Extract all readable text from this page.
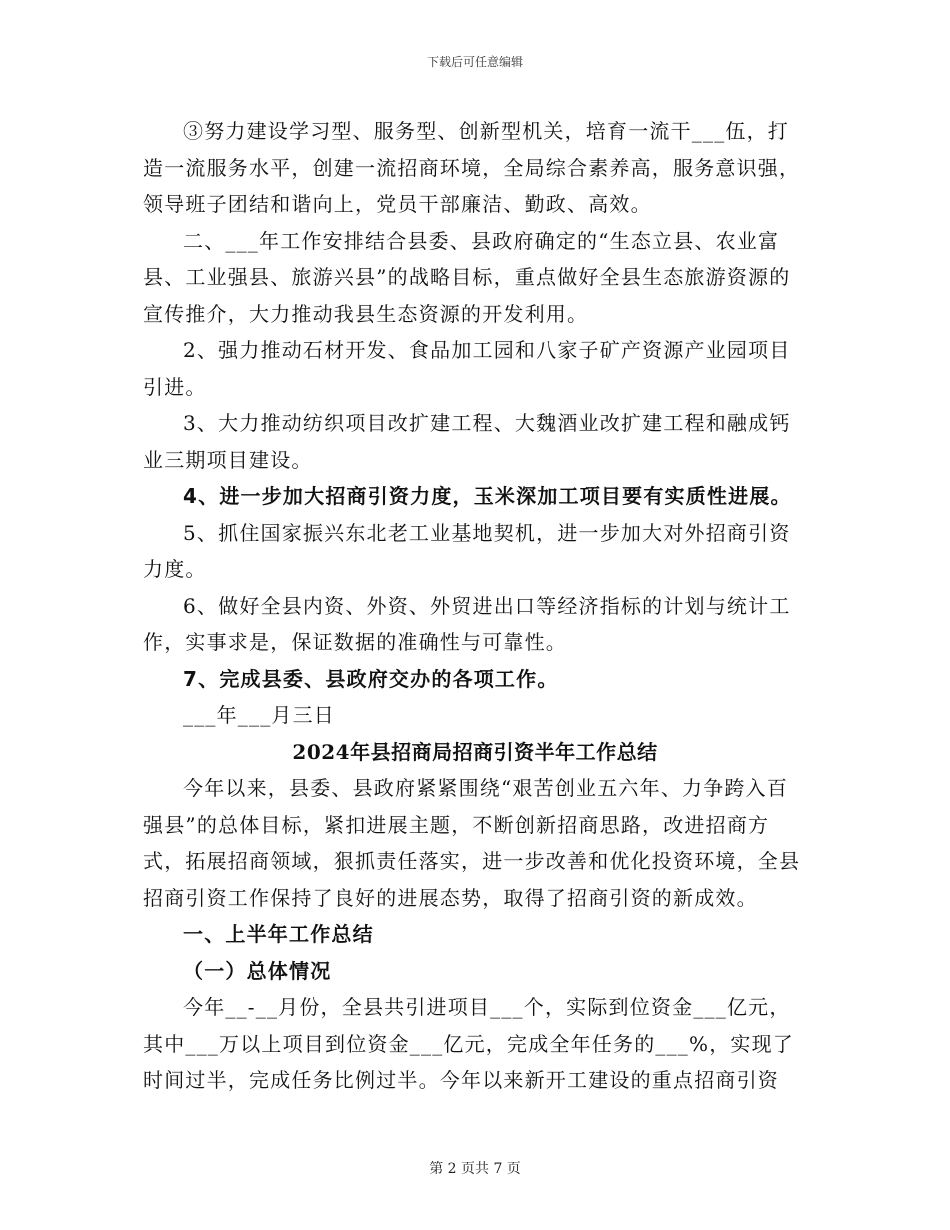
下载后可任意编辑

③努力建设学习型、服务型、创新型机关，培育一流干___伍，打造一流服务水平，创建一流招商环境，全局综合素养高，服务意识强，领导班子团结和谐向上，党员干部廉洁、勤政、高效。

二、___年工作安排结合县委、县政府确定的“生态立县、农业富县、工业强县、旅游兴县”的战略目标，重点做好全县生态旅游资源的宣传推介，大力推动我县生态资源的开发利用。

2、强力推动石材开发、食品加工园和八家子矿产资源产业园项目引进。

3、大力推动纺织项目改扩建工程、大魏酒业改扩建工程和融成钙业三期项目建设。

4、进一步加大招商引资力度，玉米深加工项目要有实质性进展。

5、抓住国家振兴东北老工业基地契机，进一步加大对外招商引资力度。

6、做好全县内资、外资、外贸进出口等经济指标的计划与统计工作，实事求是，保证数据的准确性与可靠性。

7、完成县委、县政府交办的各项工作。

___年___月三日

2024年县招商局招商引资半年工作总结

今年以来，县委、县政府紧紧围绕“艰苦创业五六年、力争跨入百强县”的总体目标，紧扣进展主题，不断创新招商思路，改进招商方式，拓展招商领域，狠抓责任落实，进一步改善和优化投资环境，全县招商引资工作保持了良好的进展态势，取得了招商引资的新成效。

一、上半年工作总结

（一）总体情况

今年__-__月份，全县共引进项目___个，实际到位资金___亿元，其中___万以上项目到位资金___亿元，完成全年任务的___%，实现了时间过半，完成任务比例过半。今年以来新开工建设的重点招商引资

第 2 页共 7 页
